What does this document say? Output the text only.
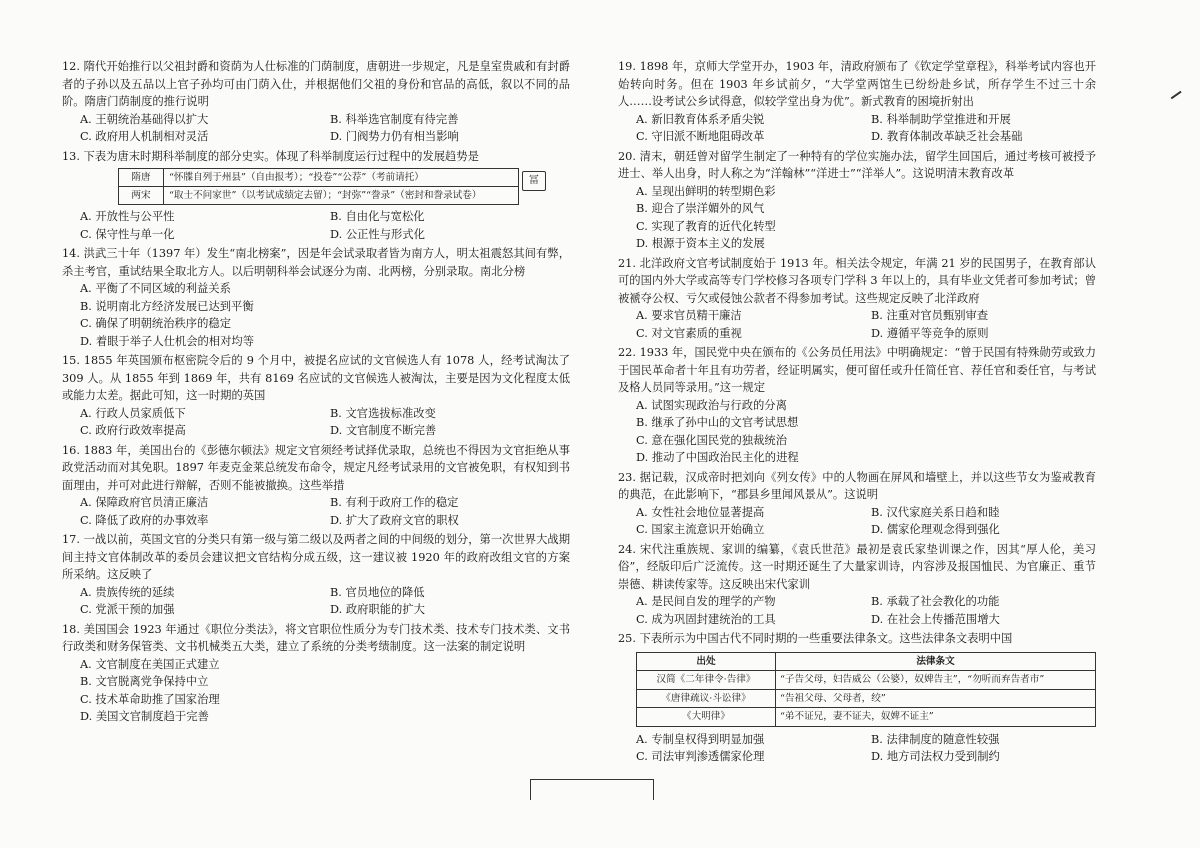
12. 隋代开始推行以父祖封爵和资荫为人仕标准的门荫制度，唐朝进一步规定，凡是皇室贵戚和有封爵者的子孙以及五品以上官子孙均可由门荫入仕，并根据他们父祖的身份和官品的高低，叙以不同的品阶。隋唐门荫制度的推行说明
A. 王朝统治基础得以扩大	B. 科举选官制度有待完善
C. 政府用人机制相对灵活	D. 门阀势力仍有相当影响
13. 下表为唐末时期科举制度的部分史实。体现了科举制度运行过程中的发展趋势是
隋唐	“怀牒自列于州县”（自由报考）；“投卷”“公荐”（考前请托）
两宋	“取士不问家世”（以考试成绩定去留）；“封弥”“誊录”（密封和誊录试卷）
A. 开放性与公平性	B. 自由化与宽松化
C. 保守性与单一化	D. 公正性与形式化
14. 洪武三十年（1397 年）发生“南北榜案”，因是年会试录取者皆为南方人，明太祖震怒其间有弊，杀主考官，重试结果全取北方人。以后明朝科举会试逐分为南、北两榜，分别录取。南北分榜
A. 平衡了不同区域的利益关系
B. 说明南北方经济发展已达到平衡
C. 确保了明朝统治秩序的稳定
D. 着眼于举子人仕机会的相对均等
15. 1855 年英国颁布枢密院令后的 9 个月中，被提名应试的文官候选人有 1078 人，经考试淘汰了 309 人。从 1855 年到 1869 年，共有 8169 名应试的文官候选人被淘汰，主要是因为文化程度太低或能力太差。据此可知，这一时期的英国
A. 行政人员家质低下	B. 文官选拔标准改变
C. 政府行政效率提高	D. 文官制度不断完善
16. 1883 年，美国出台的《彭德尔顿法》规定文官须经考试择优录取，总统也不得因为文官拒绝从事政党活动而对其免职。1897 年麦克金莱总统发布命令，规定凡经考试录用的文官被免职，有权知到书面理由，并可对此进行辩解，否则不能被撤换。这些举措
A. 保障政府官员清正廉洁	B. 有利于政府工作的稳定
C. 降低了政府的办事效率	D. 扩大了政府文官的职权
17. 一战以前，英国文官的分类只有第一级与第二级以及两者之间的中间级的划分，第一次世界大战期间主持文官体制改革的委员会建议把文官结构分成五级，这一建议被 1920 年的政府改组文官的方案所采纳。这反映了
A. 贵族传统的延续	B. 官员地位的降低
C. 党派干预的加强	D. 政府职能的扩大
18. 美国国会 1923 年通过《职位分类法》，将文官职位性质分为专门技术类、技术专门技术类、文书行政类和财务保管类、文书机械类五大类，建立了系统的分类考绩制度。这一法案的制定说明
A. 文官制度在美国正式建立
B. 文官脱离党争保持中立
C. 技术革命助推了国家治理
D. 美国文官制度趋于完善
冨
19. 1898 年，京师大学堂开办，1903 年，清政府颁布了《钦定学堂章程》，科举考试内容也开始转向时务。但在 1903 年乡试前夕，“大学堂两馆生已纷纷赴乡试，所存学生不过三十余人……设考试公乡试得意，似较学堂出身为优”。新式教育的困境折射出
A. 新旧教育体系矛盾尖锐	B. 科举制助学堂推进和开展
C. 守旧派不断地阻碍改革	D. 教育体制改革缺乏社会基础
20. 清末，朝廷曾对留学生制定了一种特有的学位实施办法，留学生回国后，通过考核可被授予进士、举人出身，时人称之为“洋翰林”“洋进士”“洋举人”。这说明清末教育改革
A. 呈现出鲜明的转型期色彩
B. 迎合了崇洋媚外的风气
C. 实现了教育的近代化转型
D. 根源于资本主义的发展
21. 北洋政府文官考试制度始于 1913 年。相关法令规定，年满 21 岁的民国男子，在教育部认可的国内外大学或高等专门学校修习各项专门学科 3 年以上的，具有毕业文凭者可参加考试；曾被褫夺公权、亏欠或侵蚀公款者不得参加考试。这些规定反映了北洋政府
A. 要求官员精干廉洁	B. 注重对官员甄别审查
C. 对文官素质的重视	D. 遵循平等竞争的原则
22. 1933 年，国民党中央在颁布的《公务员任用法》中明确规定：“曾于民国有特殊勋劳或致力于国民革命者十年且有功劳者，经证明属实，便可留任或升任简任官、荐任官和委任官，与考试及格人员同等录用。”这一规定
A. 试图实现政治与行政的分离
B. 继承了孙中山的文官考试思想
C. 意在强化国民党的独裁统治
D. 推动了中国政治民主化的进程
23. 据记载，汉成帝时把刘向《列女传》中的人物画在屏风和墙壁上，并以这些节女为鉴戒教育的典范，在此影响下，“郡县乡里闻风景从”。这说明
A. 女性社会地位显著提高	B. 汉代家庭关系日趋和睦
C. 国家主流意识开始确立	D. 儒家伦理观念得到强化
24. 宋代注重族规、家训的编纂，《袁氏世范》最初是袁氏家垫训课之作，因其“厚人伦，美习俗”，经版印后广泛流传。这一时期还诞生了大量家训诗，内容涉及报国恤民、为官廉正、重节崇德、耕读传家等。这反映出宋代家训
A. 是民间自发的理学的产物	B. 承载了社会教化的功能
C. 成为巩固封建统治的工具	D. 在社会上传播范围增大
25. 下表所示为中国古代不同时期的一些重要法律条文。这些法律条文表明中国
出处	法律条文
汉简《二年律令·告律》	“子告父母，妇告威公（公婆），奴婢告主”，“勿听而弃告者市”
《唐律疏议·斗讼律》	“告祖父母、父母者，绞”
《大明律》	“弟不证兄，妻不证夫，奴婢不证主”
A. 专制皇权得到明显加强	B. 法律制度的随意性较强
C. 司法审判渗透儒家伦理	D. 地方司法权力受到制约
